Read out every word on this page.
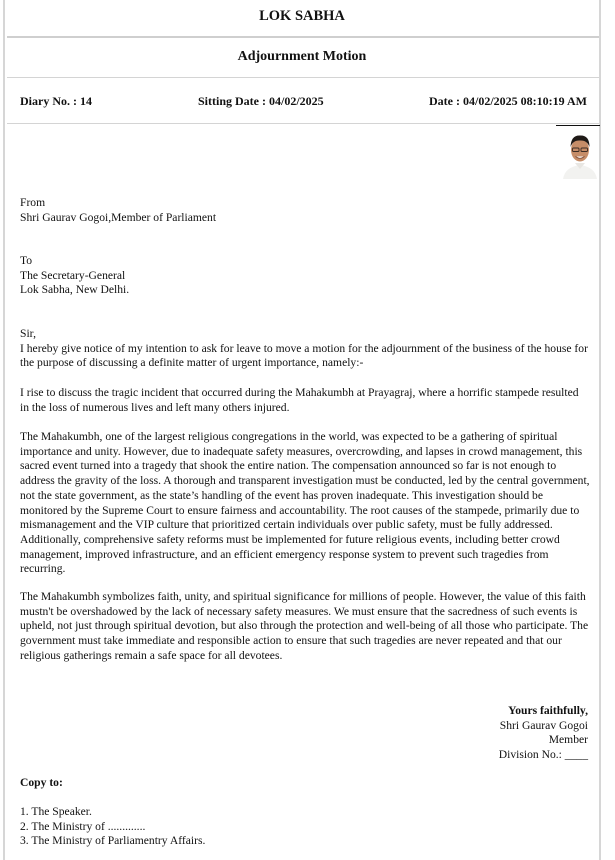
LOK SABHA
Adjournment Motion
Diary No. : 14	Sitting Date : 04/02/2025	Date : 04/02/2025 08:10:19 AM

From

Shri Gaurav Gogoi,Member of Parliament

To

The Secretary-General

Lok Sabha, New Delhi.

Sir,

I hereby give notice of my intention to ask for leave to move a motion for the adjournment of the business of the house for the purpose of discussing a definite matter of urgent importance, namely:-

I rise to discuss the tragic incident that occurred during the Mahakumbh at Prayagraj, where a horrific stampede resulted in the loss of numerous lives and left many others injured.

The Mahakumbh, one of the largest religious congregations in the world, was expected to be a gathering of spiritual importance and unity. However, due to inadequate safety measures, overcrowding, and lapses in crowd management, this sacred event turned into a tragedy that shook the entire nation. The compensation announced so far is not enough to address the gravity of the loss. A thorough and transparent investigation must be conducted, led by the central government, not the state government, as the state’s handling of the event has proven inadequate. This investigation should be monitored by the Supreme Court to ensure fairness and accountability. The root causes of the stampede, primarily due to mismanagement and the VIP culture that prioritized certain individuals over public safety, must be fully addressed. Additionally, comprehensive safety reforms must be implemented for future religious events, including better crowd management, improved infrastructure, and an efficient emergency response system to prevent such tragedies from recurring.

The Mahakumbh symbolizes faith, unity, and spiritual significance for millions of people. However, the value of this faith mustn't be overshadowed by the lack of necessary safety measures. We must ensure that the sacredness of such events is upheld, not just through spiritual devotion, but also through the protection and well-being of all those who participate. The government must take immediate and responsible action to ensure that such tragedies are never repeated and that our religious gatherings remain a safe space for all devotees.

Yours faithfully,
Shri Gaurav Gogoi
Member
Division No.: ____
Copy to:
1. The Speaker.
2. The Ministry of .............
3. The Ministry of Parliamentry Affairs.
